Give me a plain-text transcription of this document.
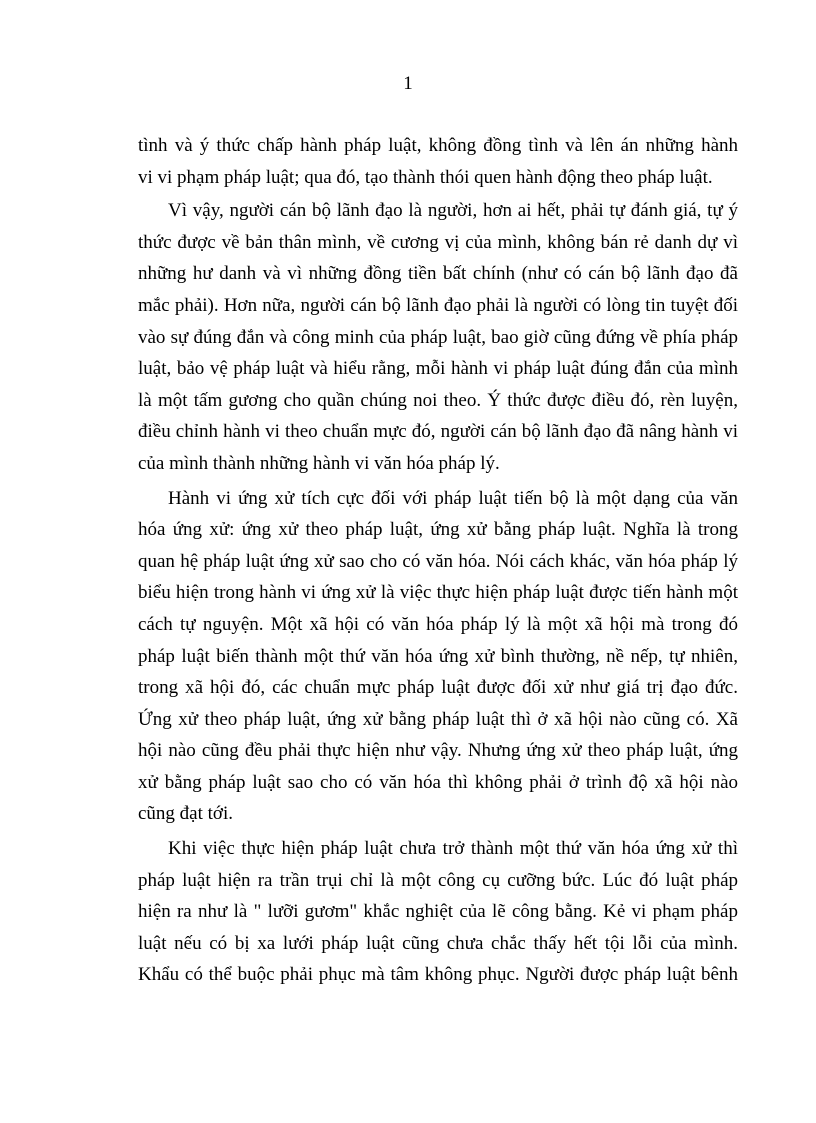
1
tình và ý thức chấp hành pháp luật, không đồng tình và lên án những hành
vi vi phạm pháp luật; qua đó, tạo thành thói quen hành động theo pháp luật.
Vì vậy, người cán bộ lãnh đạo là người, hơn ai hết, phải tự đánh giá, tự ý
thức được về bản thân mình, về cương vị của mình, không bán rẻ danh dự vì
những hư danh và vì những đồng tiền bất chính (như có cán bộ lãnh đạo đã
mắc phải). Hơn nữa, người cán bộ lãnh đạo phải là người có lòng tin tuyệt đối
vào sự đúng đắn và công minh của pháp luật, bao giờ cũng đứng về phía pháp
luật, bảo vệ pháp luật và hiểu rằng, mỗi hành vi pháp luật đúng đắn của mình
là một tấm gương cho quần chúng noi theo. Ý thức được điều đó, rèn luyện,
điều chỉnh hành vi theo chuẩn mực đó, người cán bộ lãnh đạo đã nâng hành vi
của mình thành những hành vi văn hóa pháp lý.
Hành vi ứng xử tích cực đối với pháp luật tiến bộ là một dạng của văn
hóa ứng xử: ứng xử theo pháp luật, ứng xử bằng pháp luật. Nghĩa là trong
quan hệ pháp luật ứng xử sao cho có văn hóa. Nói cách khác, văn hóa pháp lý
biểu hiện trong hành vi ứng xử là việc thực hiện pháp luật được tiến hành một
cách tự nguyện. Một xã hội có văn hóa pháp lý là một xã hội mà trong đó
pháp luật biến thành một thứ văn hóa ứng xử bình thường, nề nếp, tự nhiên,
trong xã hội đó, các chuẩn mực pháp luật được đối xử như giá trị đạo đức.
Ứng xử theo pháp luật, ứng xử bằng pháp luật thì ở xã hội nào cũng có. Xã
hội nào cũng đều phải thực hiện như vậy. Nhưng ứng xử theo pháp luật, ứng
xử bằng pháp luật sao cho có văn hóa thì không phải ở trình độ xã hội nào
cũng đạt tới.
Khi việc thực hiện pháp luật chưa trở thành một thứ văn hóa ứng xử thì
pháp luật hiện ra trần trụi chỉ là một công cụ cưỡng bức. Lúc đó luật pháp
hiện ra như là " lưỡi gươm" khắc nghiệt của lẽ công bằng. Kẻ vi phạm pháp
luật nếu có bị xa lưới pháp luật cũng chưa chắc thấy hết tội lỗi của mình.
Khẩu có thể buộc phải phục mà tâm không phục. Người được pháp luật bênh
